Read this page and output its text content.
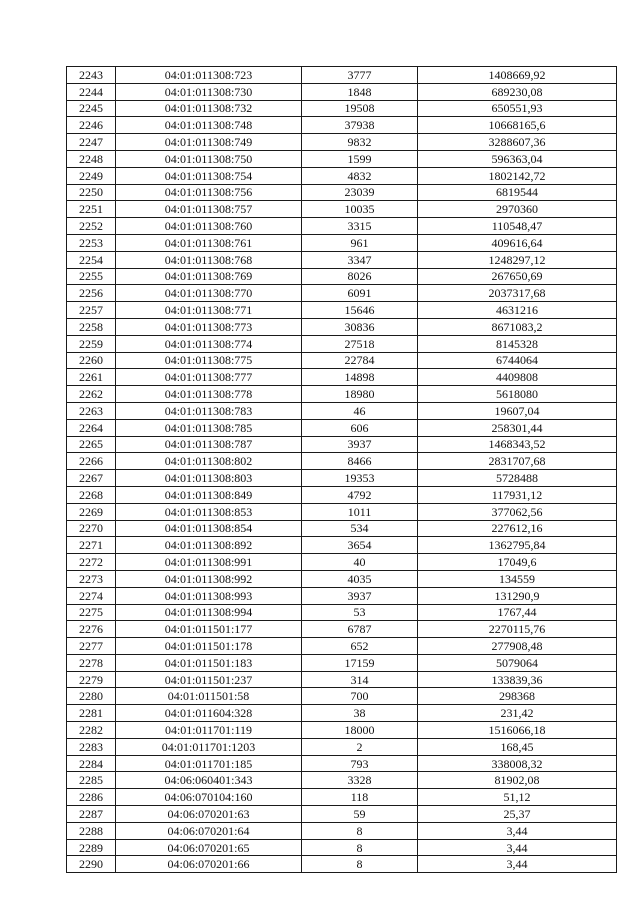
2243	04:01:011308:723	3777	1408669,92
2244	04:01:011308:730	1848	689230,08
2245	04:01:011308:732	19508	650551,93
2246	04:01:011308:748	37938	10668165,6
2247	04:01:011308:749	9832	3288607,36
2248	04:01:011308:750	1599	596363,04
2249	04:01:011308:754	4832	1802142,72
2250	04:01:011308:756	23039	6819544
2251	04:01:011308:757	10035	2970360
2252	04:01:011308:760	3315	110548,47
2253	04:01:011308:761	961	409616,64
2254	04:01:011308:768	3347	1248297,12
2255	04:01:011308:769	8026	267650,69
2256	04:01:011308:770	6091	2037317,68
2257	04:01:011308:771	15646	4631216
2258	04:01:011308:773	30836	8671083,2
2259	04:01:011308:774	27518	8145328
2260	04:01:011308:775	22784	6744064
2261	04:01:011308:777	14898	4409808
2262	04:01:011308:778	18980	5618080
2263	04:01:011308:783	46	19607,04
2264	04:01:011308:785	606	258301,44
2265	04:01:011308:787	3937	1468343,52
2266	04:01:011308:802	8466	2831707,68
2267	04:01:011308:803	19353	5728488
2268	04:01:011308:849	4792	117931,12
2269	04:01:011308:853	1011	377062,56
2270	04:01:011308:854	534	227612,16
2271	04:01:011308:892	3654	1362795,84
2272	04:01:011308:991	40	17049,6
2273	04:01:011308:992	4035	134559
2274	04:01:011308:993	3937	131290,9
2275	04:01:011308:994	53	1767,44
2276	04:01:011501:177	6787	2270115,76
2277	04:01:011501:178	652	277908,48
2278	04:01:011501:183	17159	5079064
2279	04:01:011501:237	314	133839,36
2280	04:01:011501:58	700	298368
2281	04:01:011604:328	38	231,42
2282	04:01:011701:119	18000	1516066,18
2283	04:01:011701:1203	2	168,45
2284	04:01:011701:185	793	338008,32
2285	04:06:060401:343	3328	81902,08
2286	04:06:070104:160	118	51,12
2287	04:06:070201:63	59	25,37
2288	04:06:070201:64	8	3,44
2289	04:06:070201:65	8	3,44
2290	04:06:070201:66	8	3,44
